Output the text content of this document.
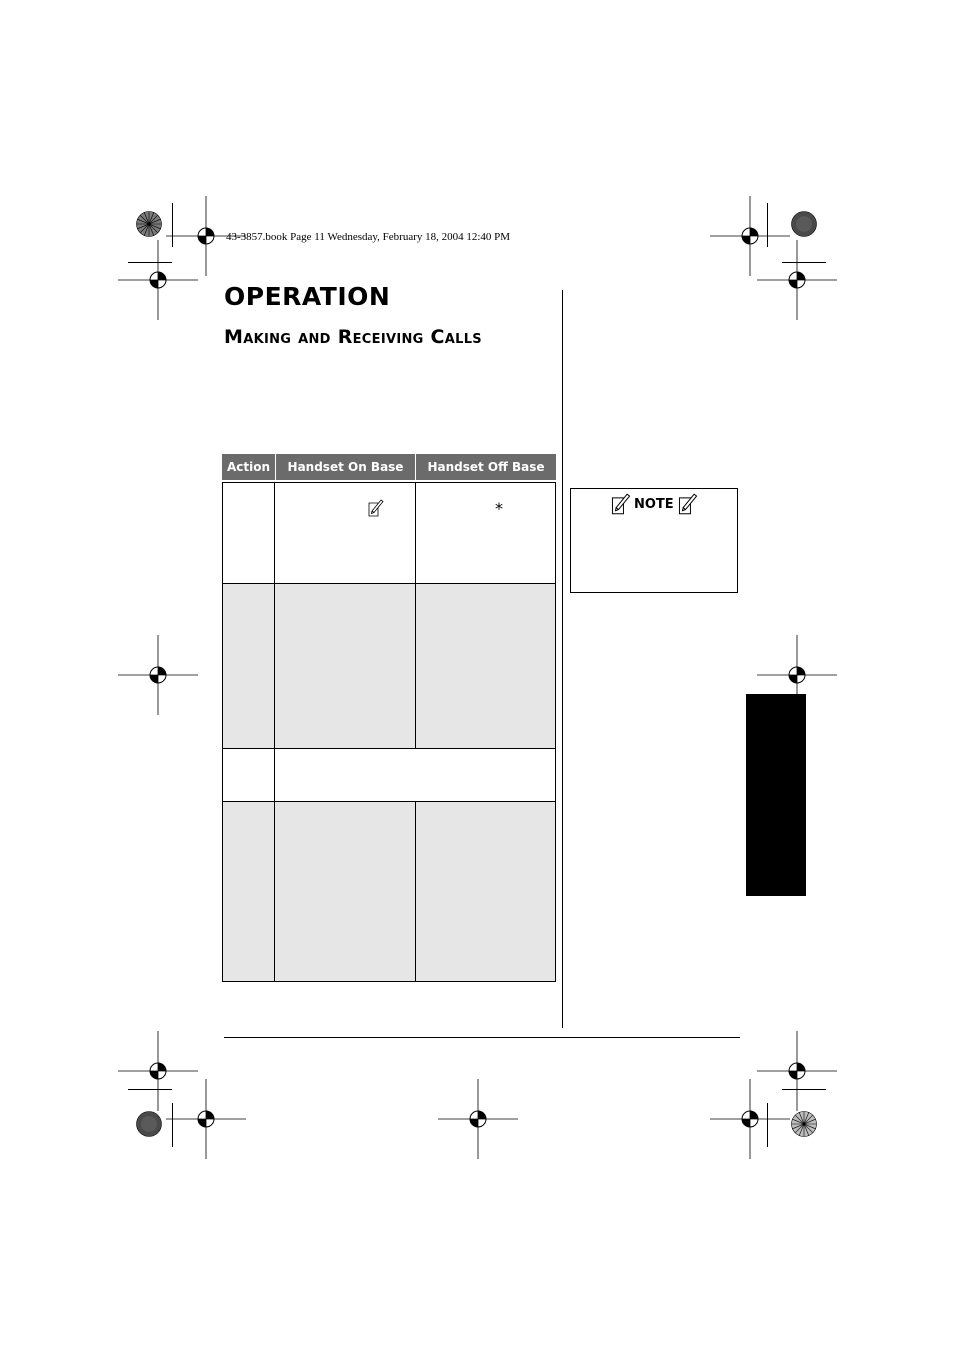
43-3857.book Page 11 Wednesday, February 18, 2004 12:40 PM
OPERATION
Making and Receiving Calls
Action	Handset On Base	Handset Off Base
*	NOTE
